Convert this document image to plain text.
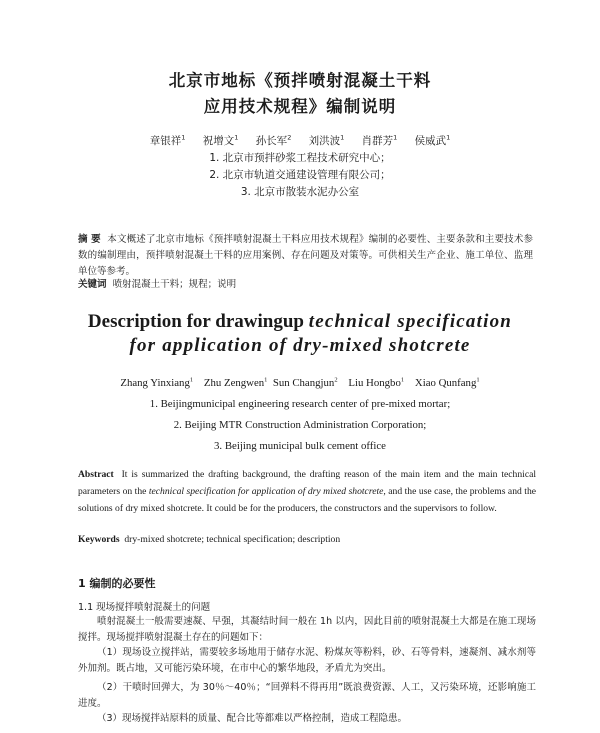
北京市地标《预拌喷射混凝土干料
应用技术规程》编制说明
章银祥$^1$ 祝增文$^1$ 孙长军$^2$ 刘洪波$^1$ 肖群芳$^1$ 侯威武$^1$
1. 北京市预拌砂浆工程技术研究中心；
2. 北京市轨道交通建设管理有限公司；
3. 北京市散装水泥办公室
摘 要 本文概述了北京市地标《预拌喷射混凝土干料应用技术规程》编制的必要性、主要条款和主要技术参数的编制理由，预拌喷射混凝土干料的应用案例、存在问题及对策等。可供相关生产企业、施工单位、监理单位等参考。
关键词 喷射混凝土干料；规程；说明
Description for drawingup technical specification
for application of dry-mixed shotcrete
Zhang Yinxiang$^1$ Zhu Zengwen$^1$ Sun Changjun$^2$ Liu Hongbo$^1$ Xiao Qunfang$^1$
1. Beijingmunicipal engineering research center of pre-mixed mortar;
2. Beijing MTR Construction Administration Corporation;
3. Beijing municipal bulk cement office
Abstract It is summarized the drafting background, the drafting reason of the main item and the main technical parameters on the technical specification for application of dry mixed shotcrete, and the use case, the problems and the solutions of dry mixed shotcrete. It could be for the producers, the constructors and the supervisors to follow.
Keywords dry-mixed shotcrete; technical specification; description
1 编制的必要性
1.1 现场搅拌喷射混凝土的问题
喷射混凝土一般需要速凝、早强，其凝结时间一般在 1h 以内，因此目前的喷射混凝土大都是在施工现场搅拌。现场搅拌喷射混凝土存在的问题如下：
（1）现场设立搅拌站，需要较多场地用于储存水泥、粉煤灰等粉料，砂、石等骨料，速凝剂、减水剂等外加剂。既占地，又可能污染环境，在市中心的繁华地段，矛盾尤为突出。
（2）干喷时回弹大，为 30％～40％；“回弹料不得再用”既浪费资源、人工，又污染环境，还影响施工进度。
（3）现场搅拌站原料的质量、配合比等都难以严格控制，造成工程隐患。
